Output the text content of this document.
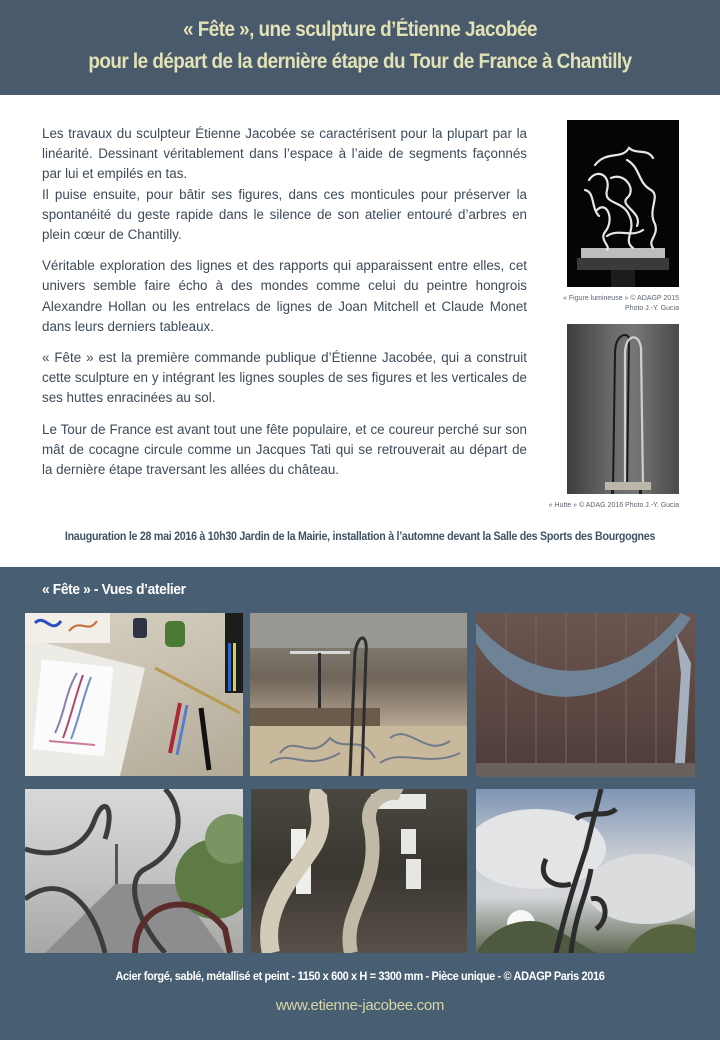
« Fête », une sculpture d’Étienne Jacobée
pour le départ de la dernière étape du Tour de France à Chantilly

Les travaux du sculpteur Étienne Jacobée se caractérisent pour la plupart par la linéarité. Dessinant véritablement dans l’espace à l’aide de segments façonnés par lui et empilés en tas.

Il puise ensuite, pour bâtir ses figures, dans ces monticules pour préserver la spontanéité du geste rapide dans le silence de son atelier entouré d’arbres en plein cœur de Chantilly.

Véritable exploration des lignes et des rapports qui apparaissent entre elles, cet univers semble faire écho à des mondes comme celui du peintre hongrois Alexandre Hollan ou les entrelacs de lignes de Joan Mitchell et Claude Monet dans leurs derniers tableaux.

« Fête » est la première commande publique d’Étienne Jacobée, qui a construit cette sculpture en y intégrant les lignes souples de ses figures et les verticales de ses huttes enracinées au sol.

Le Tour de France est avant tout une fête populaire, et ce coureur perché sur son mât de cocagne circule comme un Jacques Tati qui se retrouverait au départ de la dernière étape traversant les allées du château.

« Figure lumineuse » © ADAGP 2015
Photo J.-Y. Gucia
« Hutte » © ADAG 2016 Photo J.-Y. Gucia
Inauguration le 28 mai 2016 à 10h30 Jardin de la Mairie, installation à l’automne devant la Salle des Sports des Bourgognes
« Fête » - Vues d’atelier
Acier forgé, sablé, métallisé et peint - 1150 x 600 x H = 3300 mm - Pièce unique - © ADAGP Paris 2016
www.etienne-jacobee.com
